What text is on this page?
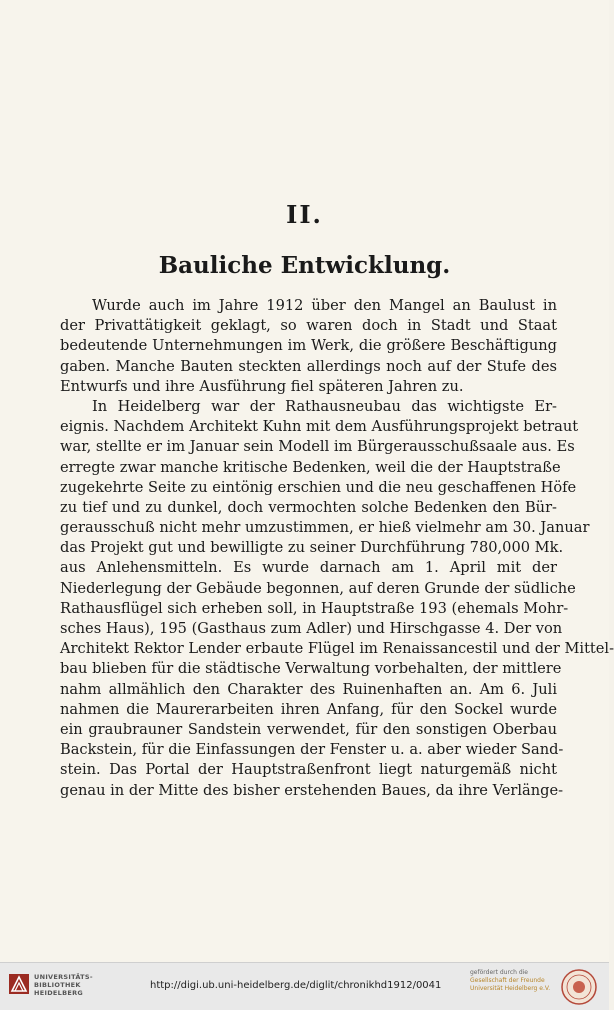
II.
Bauliche Entwicklung.
Wurde auch im Jahre 1912 über den Mangel an Baulust in
der Privattätigkeit geklagt, so waren doch in Stadt und Staat
bedeutende Unternehmungen im Werk, die größere Beschäftigung
gaben. Manche Bauten steckten allerdings noch auf der Stufe des
Entwurfs und ihre Ausführung fiel späteren Jahren zu.
In Heidelberg war der Rathausneubau das wichtigste Er-
eignis. Nachdem Architekt Kuhn mit dem Ausführungsprojekt betraut
war, stellte er im Januar sein Modell im Bürgerausschußsaale aus. Es
erregte zwar manche kritische Bedenken, weil die der Hauptstraße
zugekehrte Seite zu eintönig erschien und die neu geschaffenen Höfe
zu tief und zu dunkel, doch vermochten solche Bedenken den Bür-
gerausschuß nicht mehr umzustimmen, er hieß vielmehr am 30. Januar
das Projekt gut und bewilligte zu seiner Durchführung 780,000 Mk.
aus Anlehensmitteln. Es wurde darnach am 1. April mit der
Niederlegung der Gebäude begonnen, auf deren Grunde der südliche
Rathausflügel sich erheben soll, in Hauptstraße 193 (ehemals Mohr-
sches Haus), 195 (Gasthaus zum Adler) und Hirschgasse 4. Der von
Architekt Rektor Lender erbaute Flügel im Renaissancestil und der Mittel-
bau blieben für die städtische Verwaltung vorbehalten, der mittlere
nahm allmählich den Charakter des Ruinenhaften an. Am 6. Juli
nahmen die Maurerarbeiten ihren Anfang, für den Sockel wurde
ein graubrauner Sandstein verwendet, für den sonstigen Oberbau
Backstein, für die Einfassungen der Fenster u. a. aber wieder Sand-
stein. Das Portal der Hauptstraßenfront liegt naturgemäß nicht
genau in der Mitte des bisher erstehenden Baues, da ihre Verlänge-
UNIVERSITÄTS-
BIBLIOTHEK
HEIDELBERG
http://digi.ub.uni-heidelberg.de/diglit/chronikhd1912/0041
gefördert durch die
Gesellschaft der Freunde
Universität Heidelberg e.V.
